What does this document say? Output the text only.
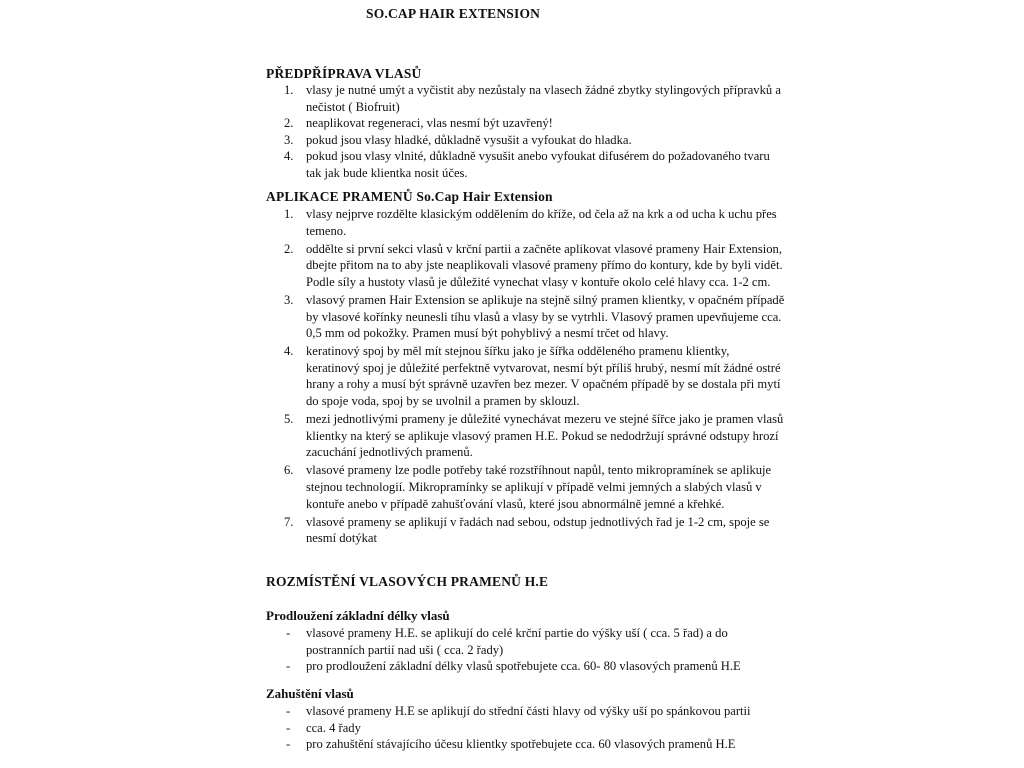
SO.CAP HAIR EXTENSION
PŘEDPŘÍPRAVA VLASŮ
1. vlasy je nutné umýt a vyčistit aby nezůstaly na vlasech žádné zbytky stylingových přípravků a nečistot ( Biofruit)
2. neaplikovat regeneraci, vlas nesmí být uzavřený!
3. pokud jsou vlasy hladké, důkladně vysušit a vyfoukat do hladka.
4. pokud jsou vlasy vlnité, důkladně vysušit anebo vyfoukat difusérem do požadovaného tvaru tak jak bude klientka nosit účes.
APLIKACE PRAMENŮ So.Cap Hair Extension
1. vlasy nejprve rozdělte klasickým oddělením do kříže, od čela až na krk a od ucha k uchu přes temeno.
2. oddělte si první sekci vlasů v krční partii a začněte aplikovat vlasové prameny Hair Extension, dbejte přitom na to aby jste neaplikovali vlasové prameny přímo do kontury, kde by byli vidět. Podle síly a hustoty vlasů je důležité vynechat vlasy v kontuře okolo celé hlavy cca. 1-2 cm.
3. vlasový pramen Hair Extension se aplikuje na stejně silný pramen klientky, v opačném případě by vlasové kořínky neunesli tíhu vlasů a vlasy by se vytrhli. Vlasový pramen upevňujeme cca. 0,5 mm od pokožky. Pramen musí být pohyblivý a nesmí trčet od hlavy.
4. keratinový spoj by měl mít stejnou šířku jako je šířka odděleného pramenu klientky, keratinový spoj je důležité perfektně vytvarovat, nesmí být příliš hrubý, nesmí mít žádné ostré hrany a rohy a musí být správně uzavřen bez mezer. V opačném případě by se dostala při mytí do spoje voda, spoj by se uvolnil a pramen by sklouzl.
5. mezi jednotlivými prameny je důležité vynechávat mezeru ve stejné šířce jako je pramen vlasů klientky na který se aplikuje vlasový pramen H.E. Pokud se nedodržují správné odstupy hrozí zacuchání jednotlivých pramenů.
6. vlasové prameny lze podle potřeby také rozstříhnout napůl, tento mikropramínek se aplikuje stejnou technologií. Mikropramínky se aplikují v případě velmi jemných a slabých vlasů v kontuře anebo v případě zahušťování vlasů, které jsou abnormálně jemné a křehké.
7. vlasové prameny se aplikují v řadách nad sebou, odstup jednotlivých řad je 1-2 cm, spoje se nesmí dotýkat
ROZMÍSTĚNÍ VLASOVÝCH PRAMENŮ H.E
Prodloužení základní délky vlasů
- vlasové prameny H.E. se aplikují do celé krční partie do výšky uší ( cca. 5 řad) a do postranních partií nad uši ( cca. 2 řady)
- pro prodloužení základní délky vlasů spotřebujete cca. 60- 80 vlasových pramenů H.E
Zahuštění vlasů
- vlasové prameny H.E se aplikují do střední části hlavy od výšky uší po spánkovou partii
- cca. 4 řady
- pro zahuštění stávajícího účesu klientky spotřebujete cca. 60 vlasových pramenů H.E
